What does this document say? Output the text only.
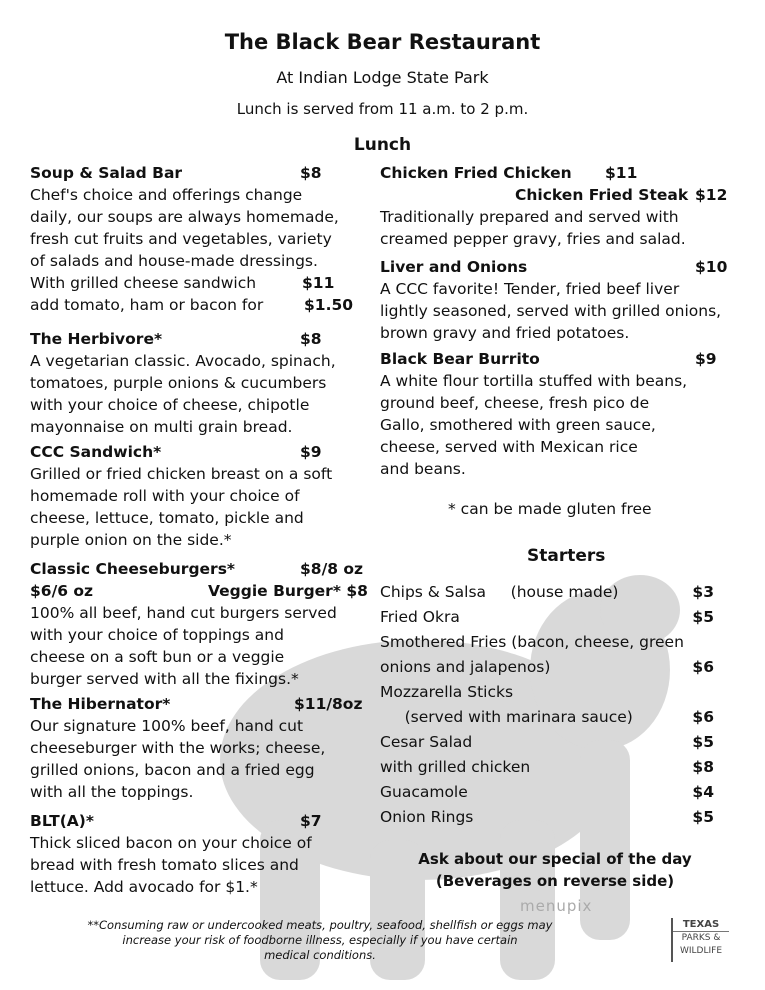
The Black Bear Restaurant
At Indian Lodge State Park
Lunch is served from 11 a.m. to 2 p.m.
Lunch
Soup & Salad Bar	$8
Chef's choice and offerings change
daily, our soups are always homemade,
fresh cut fruits and vegetables, variety
of salads and house-made dressings.
With grilled cheese sandwich	$11
add tomato, ham or bacon for	$1.50
The Herbivore*	$8
A vegetarian classic. Avocado, spinach,
tomatoes, purple onions & cucumbers
with your choice of cheese, chipotle
mayonnaise on multi grain bread.
CCC Sandwich*	$9
Grilled or fried chicken breast on a soft
homemade roll with your choice of
cheese, lettuce, tomato, pickle and
purple onion on the side.*
Classic Cheeseburgers*	$8/8 oz
$6/6 oz	Veggie Burger* $8
100% all beef, hand cut burgers served
with your choice of toppings and
cheese on a soft bun or a veggie
burger served with all the fixings.*
The Hibernator*	$11/8oz
Our signature 100% beef, hand cut
cheeseburger with the works; cheese,
grilled onions, bacon and a fried egg
with all the toppings.
BLT(A)*	$7
Thick sliced bacon on your choice of
bread with fresh tomato slices and
lettuce. Add avocado for $1.*
Chicken Fried Chicken $11
Chicken Fried Steak $12
Traditionally prepared and served with
creamed pepper gravy, fries and salad.
Liver and Onions	$10
A CCC favorite! Tender, fried beef liver
lightly seasoned, served with grilled onions,
brown gravy and fried potatoes.
Black Bear Burrito	$9
A white flour tortilla stuffed with beans,
ground beef, cheese, fresh pico de
Gallo, smothered with green sauce,
cheese, served with Mexican rice
and beans.
* can be made gluten free
Starters
Chips & Salsa     (house made)	$3
Fried Okra	$5
Smothered Fries (bacon, cheese, green
onions and jalapenos)	$6
Mozzarella Sticks
(served with marinara sauce)	$6
Cesar Salad	$5
with grilled chicken	$8
Guacamole	$4
Onion Rings	$5
Ask about our special of the day
(Beverages on reverse side)
menupix
**Consuming raw or undercooked meats, poultry, seafood, shellfish or eggs may
increase your risk of foodborne illness, especially if you have certain
medical conditions.
TEXAS
PARKS &
WILDLIFE
